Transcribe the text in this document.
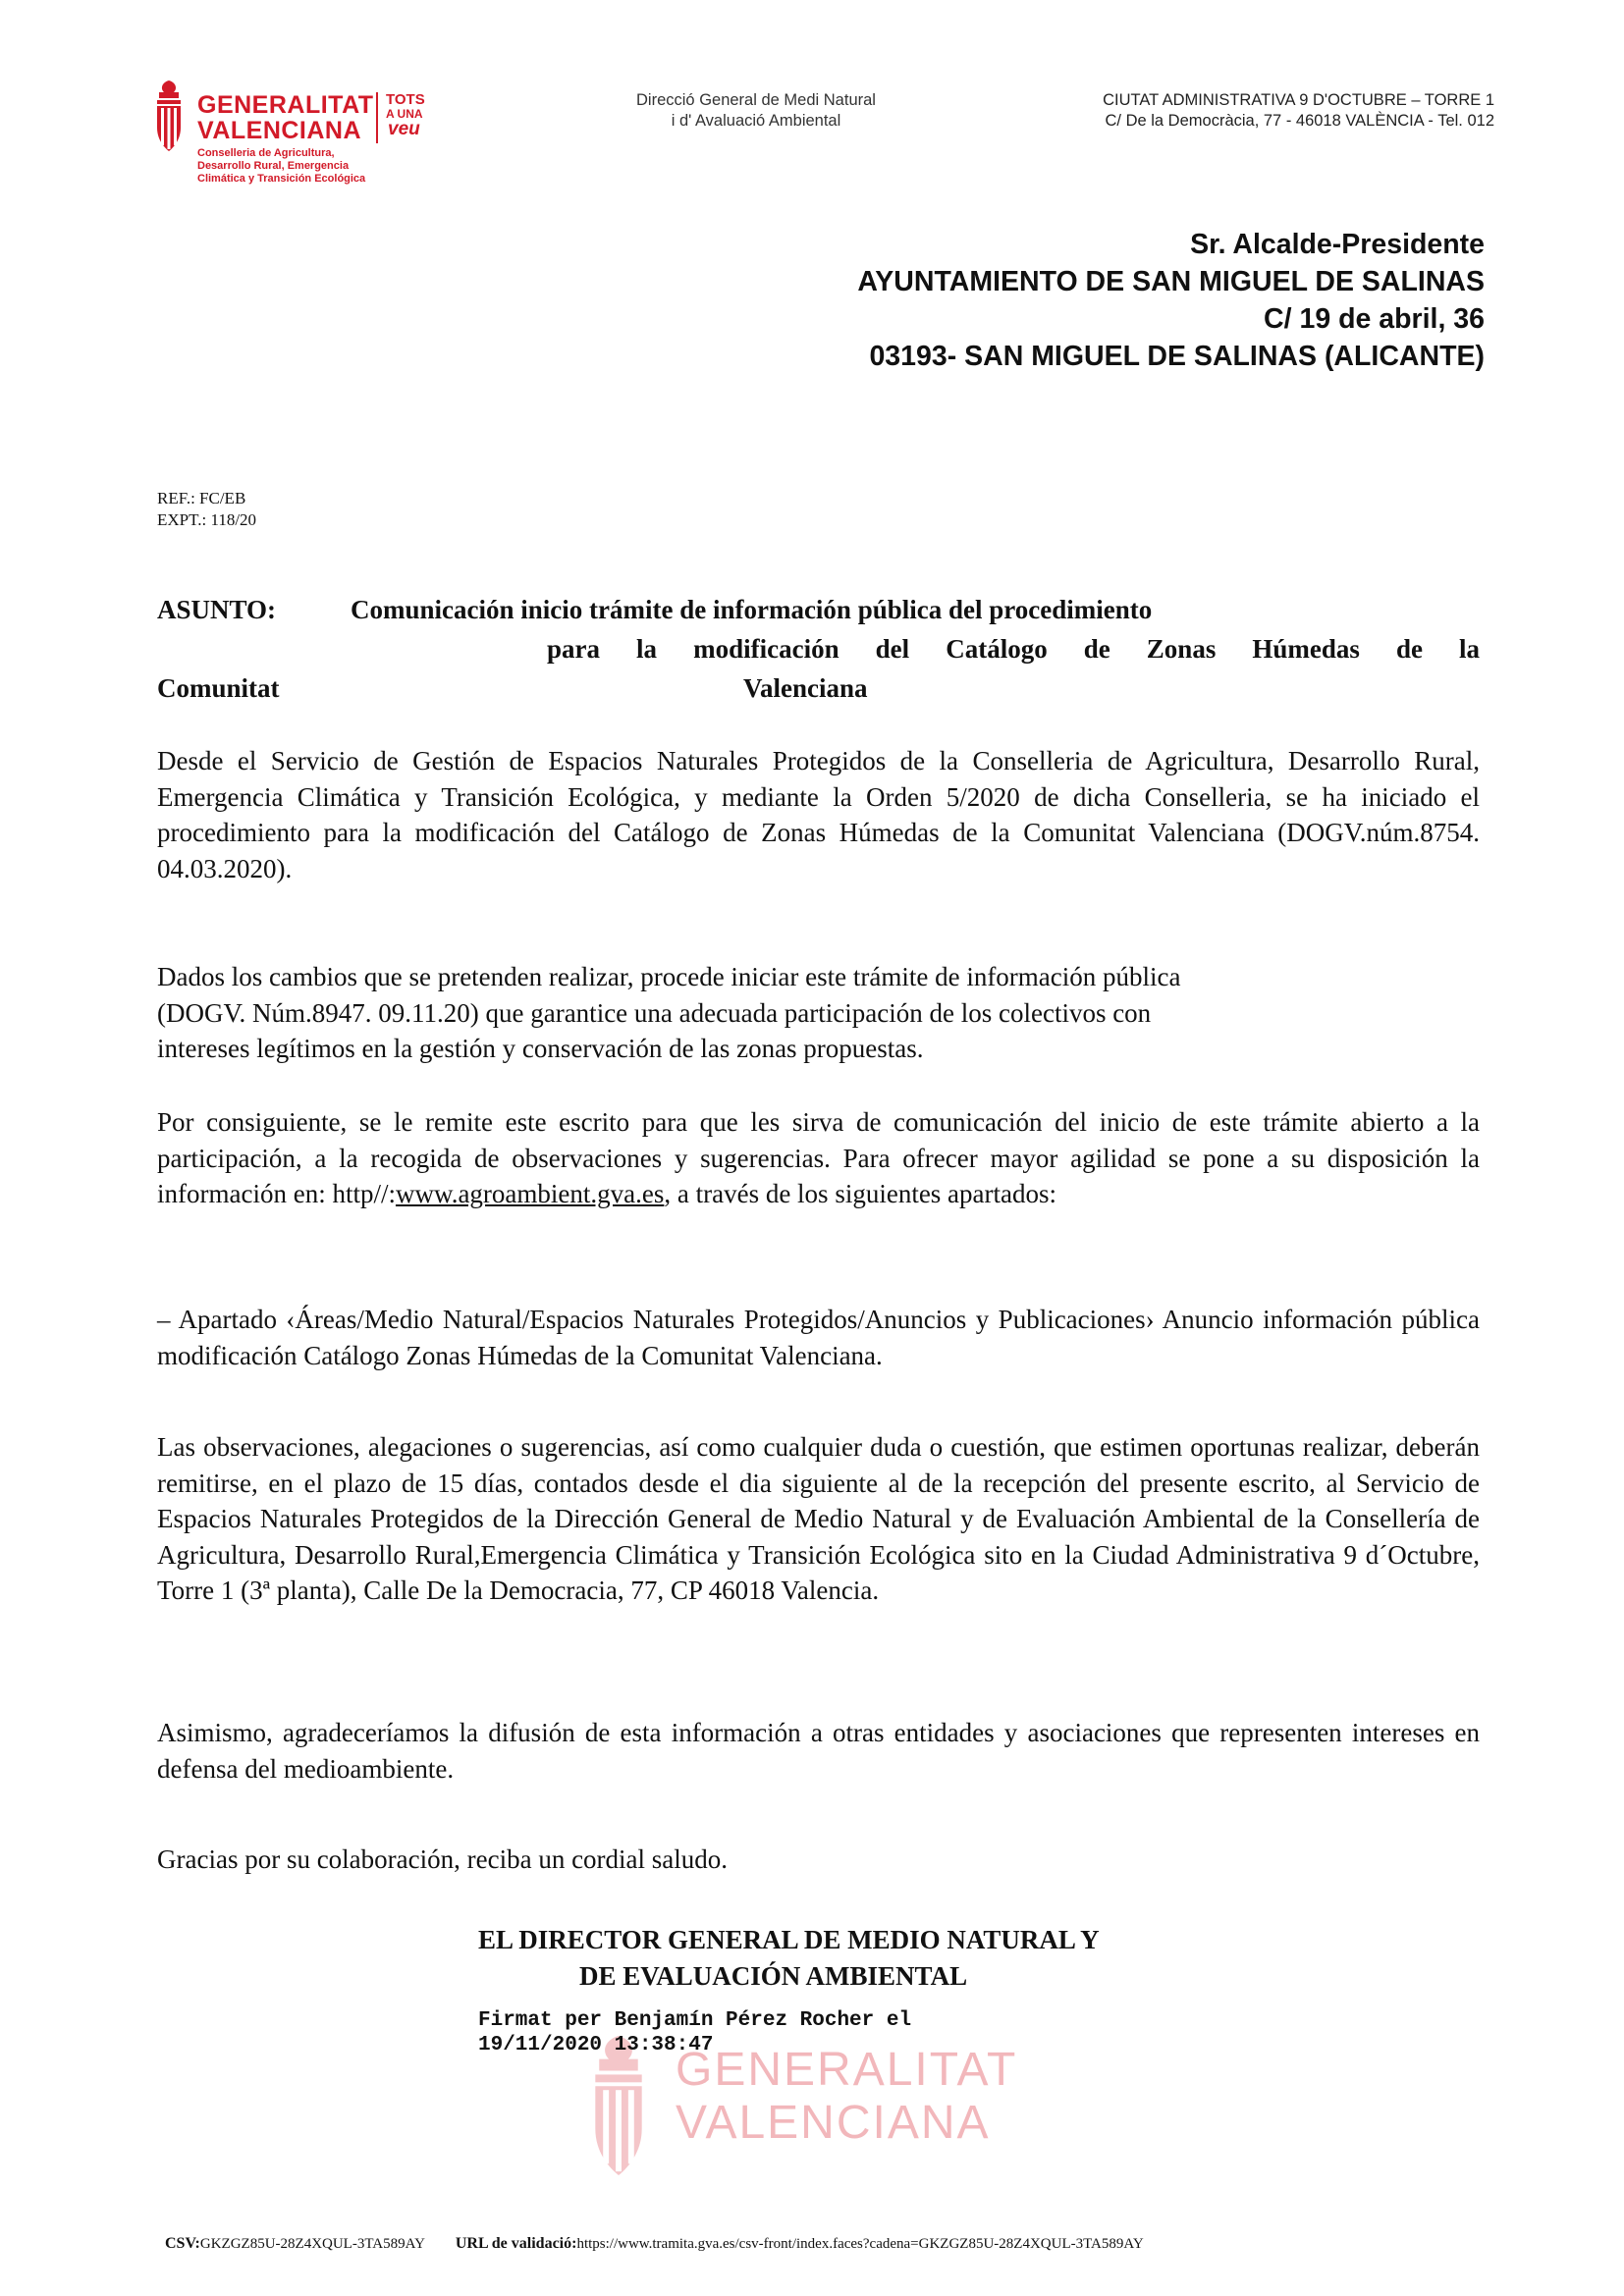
GENERALITAT
VALENCIANA
TOTS
A UNA
veu
Conselleria de Agricultura,
Desarrollo Rural, Emergencia
Climática y Transición Ecológica
Direcció General de Medi Natural
i d' Avaluació Ambiental
CIUTAT ADMINISTRATIVA 9 D'OCTUBRE – TORRE 1
C/ De la Democràcia, 77 - 46018 VALÈNCIA - Tel. 012
Sr. Alcalde-Presidente
AYUNTAMIENTO DE SAN MIGUEL DE SALINAS
C/ 19 de abril, 36
03193- SAN MIGUEL DE SALINAS (ALICANTE)
REF.: FC/EB
EXPT.: 118/20
ASUNTO:	Comunicación inicio trámite de información pública del procedimiento
para la modificación del Catálogo de Zonas Húmedas de la
Comunitat	Valenciana
Desde el Servicio de Gestión de Espacios Naturales Protegidos de la Conselleria de Agricultura, Desarrollo Rural, Emergencia Climática y Transición Ecológica, y mediante la Orden 5/2020 de dicha Conselleria, se ha iniciado el procedimiento para la modificación del Catálogo de Zonas Húmedas de la Comunitat Valenciana (DOGV.núm.8754. 04.03.2020).
Dados los cambios que se pretenden realizar, procede iniciar este trámite de información pública
(DOGV. Núm.8947. 09.11.20) que garantice una adecuada participación de los colectivos con
intereses legítimos en la gestión y conservación de las zonas propuestas.
Por consiguiente, se le remite este escrito para que les sirva de comunicación del inicio de este trámite abierto a la participación, a la recogida de observaciones y sugerencias. Para ofrecer mayor agilidad se pone a su disposición la información en: http//:www.agroambient.gva.es, a través de los siguientes apartados:
– Apartado ‹Áreas/Medio Natural/Espacios Naturales Protegidos/Anuncios y Publicaciones› Anuncio información pública modificación Catálogo Zonas Húmedas de la Comunitat Valenciana.
Las observaciones, alegaciones o sugerencias, así como cualquier duda o cuestión, que estimen oportunas realizar, deberán remitirse, en el plazo de 15 días, contados desde el dia siguiente al de la recepción del presente escrito, al Servicio de Espacios Naturales Protegidos de la Dirección General de Medio Natural y de Evaluación Ambiental de la Consellería de Agricultura, Desarrollo Rural,Emergencia Climática y Transición Ecológica sito en la Ciudad Administrativa 9 d´Octubre, Torre 1 (3ª planta), Calle De la Democracia, 77, CP 46018 Valencia.
Asimismo, agradeceríamos la difusión de esta información a otras entidades y asociaciones que representen intereses en defensa del medioambiente.
Gracias por su colaboración, reciba un cordial saludo.
EL DIRECTOR GENERAL DE MEDIO NATURAL Y
DE EVALUACIÓN AMBIENTAL
Firmat per Benjamín Pérez Rocher el
19/11/2020 13:38:47
GENERALITAT
VALENCIANA
CSV:GKZGZ85U-28Z4XQUL-3TA589AY URL de validació:https://www.tramita.gva.es/csv-front/index.faces?cadena=GKZGZ85U-28Z4XQUL-3TA589AY
